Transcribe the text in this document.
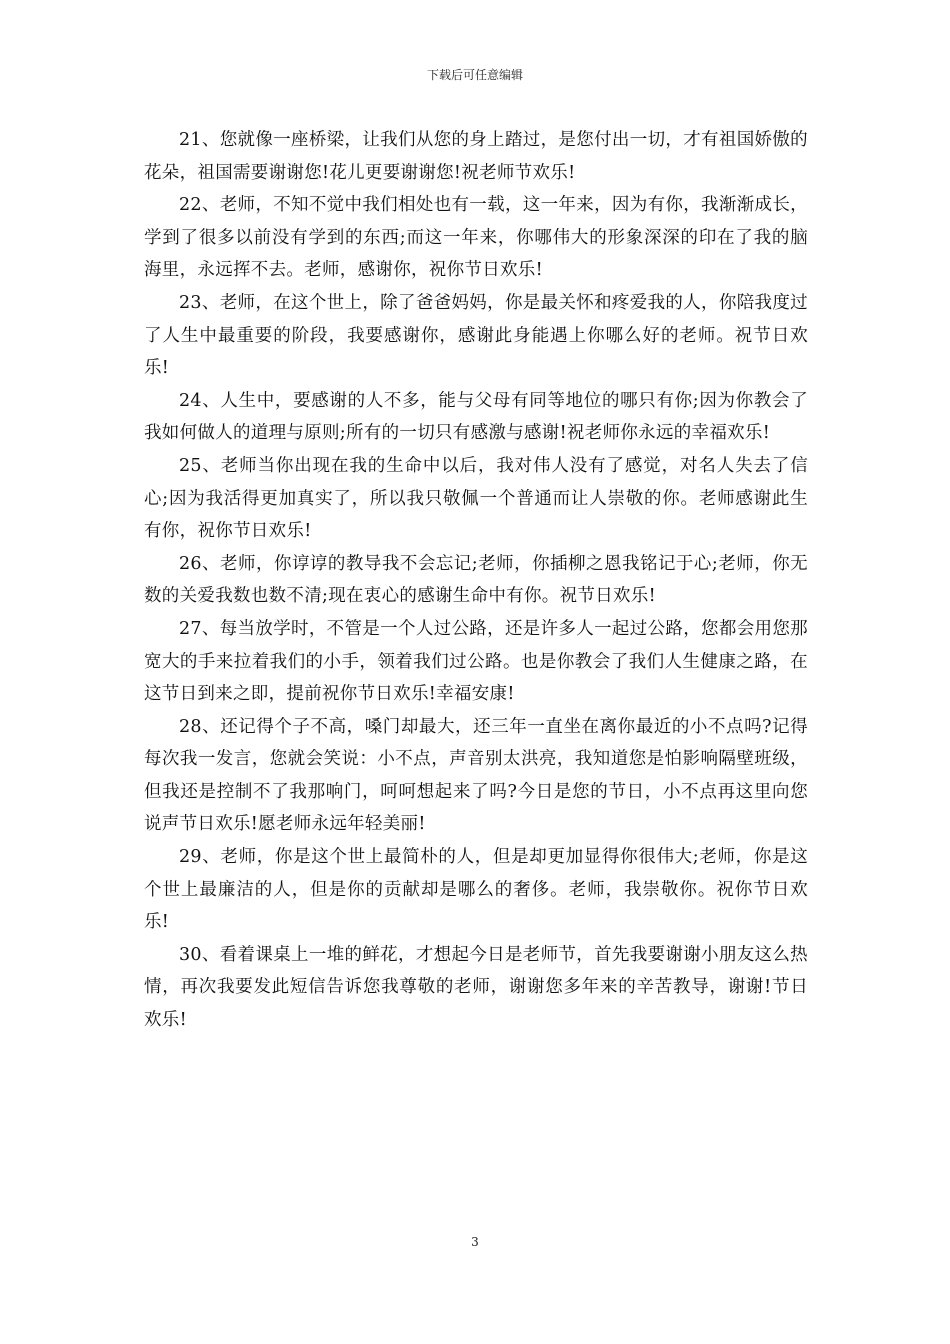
下载后可任意编辑

21、您就像一座桥梁，让我们从您的身上踏过，是您付出一切，才有祖国娇傲的花朵，祖国需要谢谢您!花儿更要谢谢您!祝老师节欢乐!

22、老师，不知不觉中我们相处也有一载，这一年来，因为有你，我渐渐成长，学到了很多以前没有学到的东西;而这一年来，你哪伟大的形象深深的印在了我的脑海里，永远挥不去。老师，感谢你，祝你节日欢乐!

23、老师，在这个世上，除了爸爸妈妈，你是最关怀和疼爱我的人，你陪我度过了人生中最重要的阶段，我要感谢你，感谢此身能遇上你哪么好的老师。祝节日欢乐!

24、人生中，要感谢的人不多，能与父母有同等地位的哪只有你;因为你教会了我如何做人的道理与原则;所有的一切只有感激与感谢!祝老师你永远的幸福欢乐!

25、老师当你出现在我的生命中以后，我对伟人没有了感觉，对名人失去了信心;因为我活得更加真实了，所以我只敬佩一个普通而让人崇敬的你。老师感谢此生有你，祝你节日欢乐!

26、老师，你谆谆的教导我不会忘记;老师，你插柳之恩我铭记于心;老师，你无数的关爱我数也数不清;现在衷心的感谢生命中有你。祝节日欢乐!

27、每当放学时，不管是一个人过公路，还是许多人一起过公路，您都会用您那宽大的手来拉着我们的小手，领着我们过公路。也是你教会了我们人生健康之路，在这节日到来之即，提前祝你节日欢乐!幸福安康!

28、还记得个子不高，嗓门却最大，还三年一直坐在离你最近的小不点吗?记得每次我一发言，您就会笑说：小不点，声音别太洪亮，我知道您是怕影响隔壁班级，但我还是控制不了我那响门，呵呵想起来了吗?今日是您的节日，小不点再这里向您说声节日欢乐!愿老师永远年轻美丽!

29、老师，你是这个世上最简朴的人，但是却更加显得你很伟大;老师，你是这个世上最廉洁的人，但是你的贡献却是哪么的奢侈。老师，我崇敬你。祝你节日欢乐!

30、看着课桌上一堆的鲜花，才想起今日是老师节，首先我要谢谢小朋友这么热情，再次我要发此短信告诉您我尊敬的老师，谢谢您多年来的辛苦教导，谢谢!节日欢乐!

3
